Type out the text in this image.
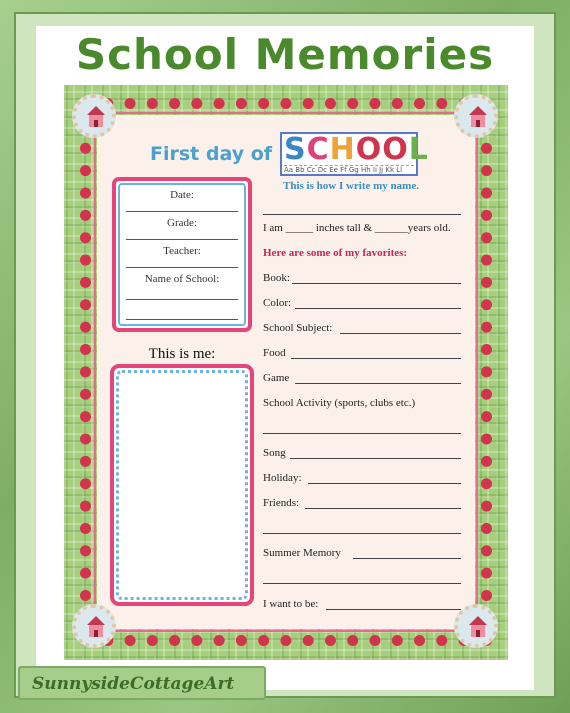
School Memories
First day of SCHOOL
Aa Bb Cc Dc Ee Ff Gg Hh Ii Jj Kk Ll
This is how I write my name.
Date:
Grade:
Teacher:
Name of School:
This is me:
I am _____ inches tall & ______years old.
Here are some of my favorites:
Book:
Color:
School Subject:
Food
Game
School Activity (sports, clubs etc.)
Song
Holiday:
Friends:
Summer Memory
I want to be:
SunnysideCottageArt
